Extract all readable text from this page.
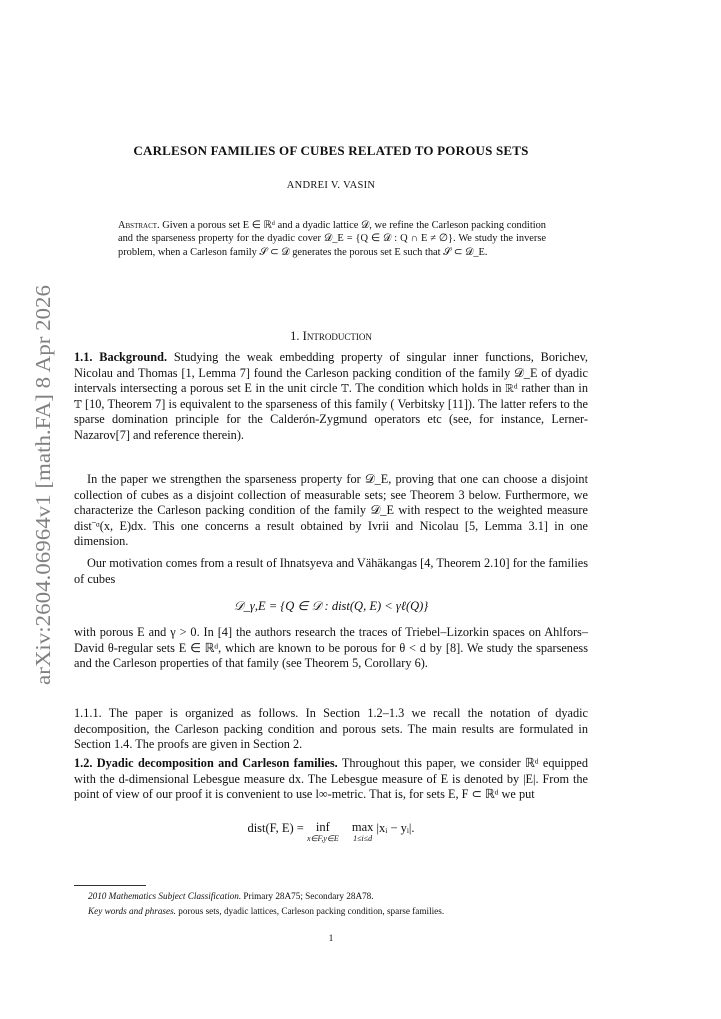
arXiv:2604.06964v1 [math.FA] 8 Apr 2026
CARLESON FAMILIES OF CUBES RELATED TO POROUS SETS
ANDREI V. VASIN
Abstract. Given a porous set E ∈ ℝᵈ and a dyadic lattice 𝒟, we refine the Carleson packing condition and the sparseness property for the dyadic cover 𝒟_E = {Q ∈ 𝒟 : Q ∩ E ≠ ∅}. We study the inverse problem, when a Carleson family 𝒮 ⊂ 𝒟 generates the porous set E such that 𝒮 ⊂ 𝒟_E.
1. Introduction

1.1. Background. Studying the weak embedding property of singular inner functions, Borichev, Nicolau and Thomas [1, Lemma 7] found the Carleson packing condition of the family 𝒟_E of dyadic intervals intersecting a porous set E in the unit circle 𝕋. The condition which holds in ℝᵈ rather than in 𝕋 [10, Theorem 7] is equivalent to the sparseness of this family ( Verbitsky [11]). The latter refers to the sparse domination principle for the Calderón-Zygmund operators etc (see, for instance, Lerner-Nazarov[7] and reference therein).

In the paper we strengthen the sparseness property for 𝒟_E, proving that one can choose a disjoint collection of cubes as a disjoint collection of measurable sets; see Theorem 3 below. Furthermore, we characterize the Carleson packing condition of the family 𝒟_E with respect to the weighted measure dist⁻ᵅ(x, E)dx. This one concerns a result obtained by Ivrii and Nicolau [5, Lemma 3.1] in one dimension.

Our motivation comes from a result of Ihnatsyeva and Vähäkangas [4, Theorem 2.10] for the families of cubes

𝒟_γ,E = {Q ∈ 𝒟 : dist(Q, E) < γℓ(Q)}

with porous E and γ > 0. In [4] the authors research the traces of Triebel–Lizorkin spaces on Ahlfors–David θ-regular sets E ∈ ℝᵈ, which are known to be porous for θ < d by [8]. We study the sparseness and the Carleson properties of that family (see Theorem 5, Corollary 6).

1.1.1. The paper is organized as follows. In Section 1.2–1.3 we recall the notation of dyadic decomposition, the Carleson packing condition and porous sets. The main results are formulated in Section 1.4. The proofs are given in Section 2.

1.2. Dyadic decomposition and Carleson families. Throughout this paper, we consider ℝᵈ equipped with the d-dimensional Lebesgue measure dx. The Lebesgue measure of E is denoted by |E|. From the point of view of our proof it is convenient to use l∞-metric. That is, for sets E, F ⊂ ℝᵈ we put

dist(F, E) = inf
x∈F,y∈E
max
1≤i≤d
|xᵢ − yᵢ|.
2010 Mathematics Subject Classification. Primary 28A75; Secondary 28A78.
Key words and phrases. porous sets, dyadic lattices, Carleson packing condition, sparse families.
1
